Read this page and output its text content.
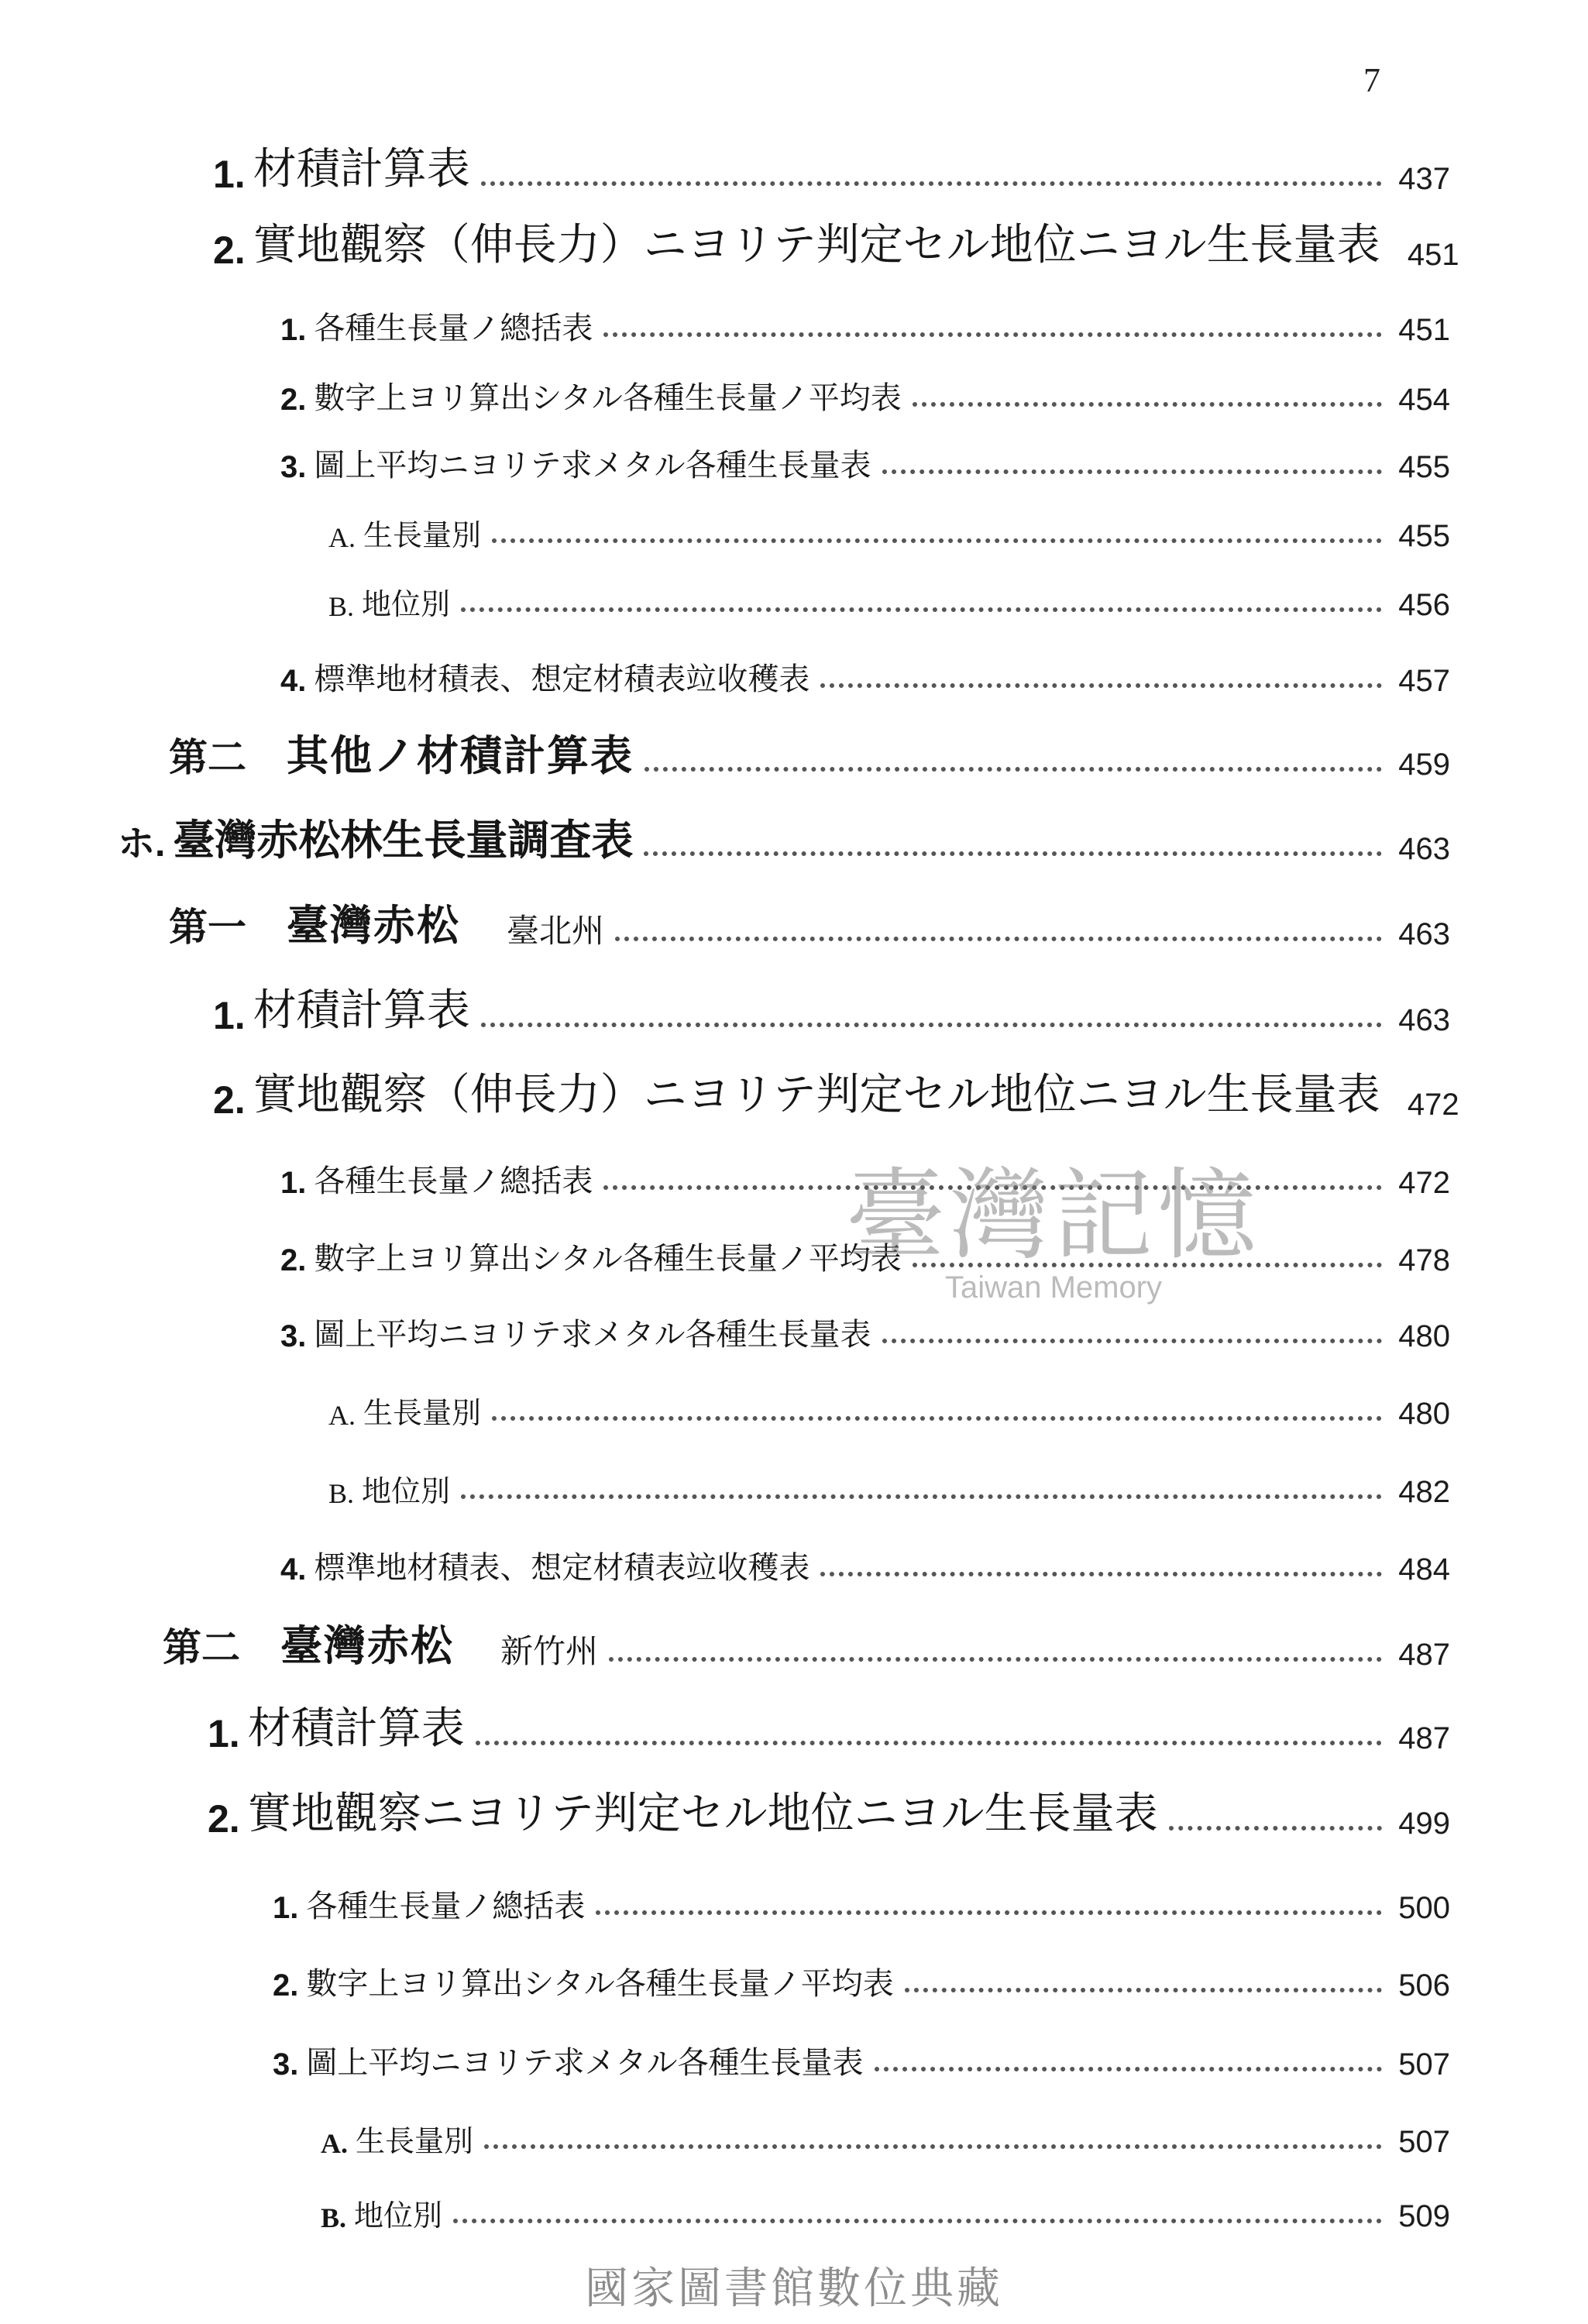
7
1. 材積計算表	437
2. 實地觀察（伸長力）ニヨリテ判定セル地位ニヨル生長量表 451
1. 各種生長量ノ總括表	451
2. 數字上ヨリ算出シタル各種生長量ノ平均表	454
3. 圖上平均ニヨリテ求メタル各種生長量表	455
A. 生長量別	455
B. 地位別	456
4. 標準地材積表、想定材積表竝收穫表	457
第二 其他ノ材積計算表	459
ホ. 臺灣赤松林生長量調査表	463
第一 臺灣赤松 臺北州	463
1. 材積計算表	463
2. 實地觀察（伸長力）ニヨリテ判定セル地位ニヨル生長量表 472
1. 各種生長量ノ總括表	472
2. 數字上ヨリ算出シタル各種生長量ノ平均表	478
3. 圖上平均ニヨリテ求メタル各種生長量表	480
A. 生長量別	480
B. 地位別	482
4. 標準地材積表、想定材積表竝收穫表	484
第二 臺灣赤松 新竹州	487
1. 材積計算表	487
2. 實地觀察ニヨリテ判定セル地位ニヨル生長量表	499
1. 各種生長量ノ總括表	500
2. 數字上ヨリ算出シタル各種生長量ノ平均表	506
3. 圖上平均ニヨリテ求メタル各種生長量表	507
A. 生長量別	507
B. 地位別	509
臺灣記憶
Taiwan Memory
國家圖書館數位典藏
